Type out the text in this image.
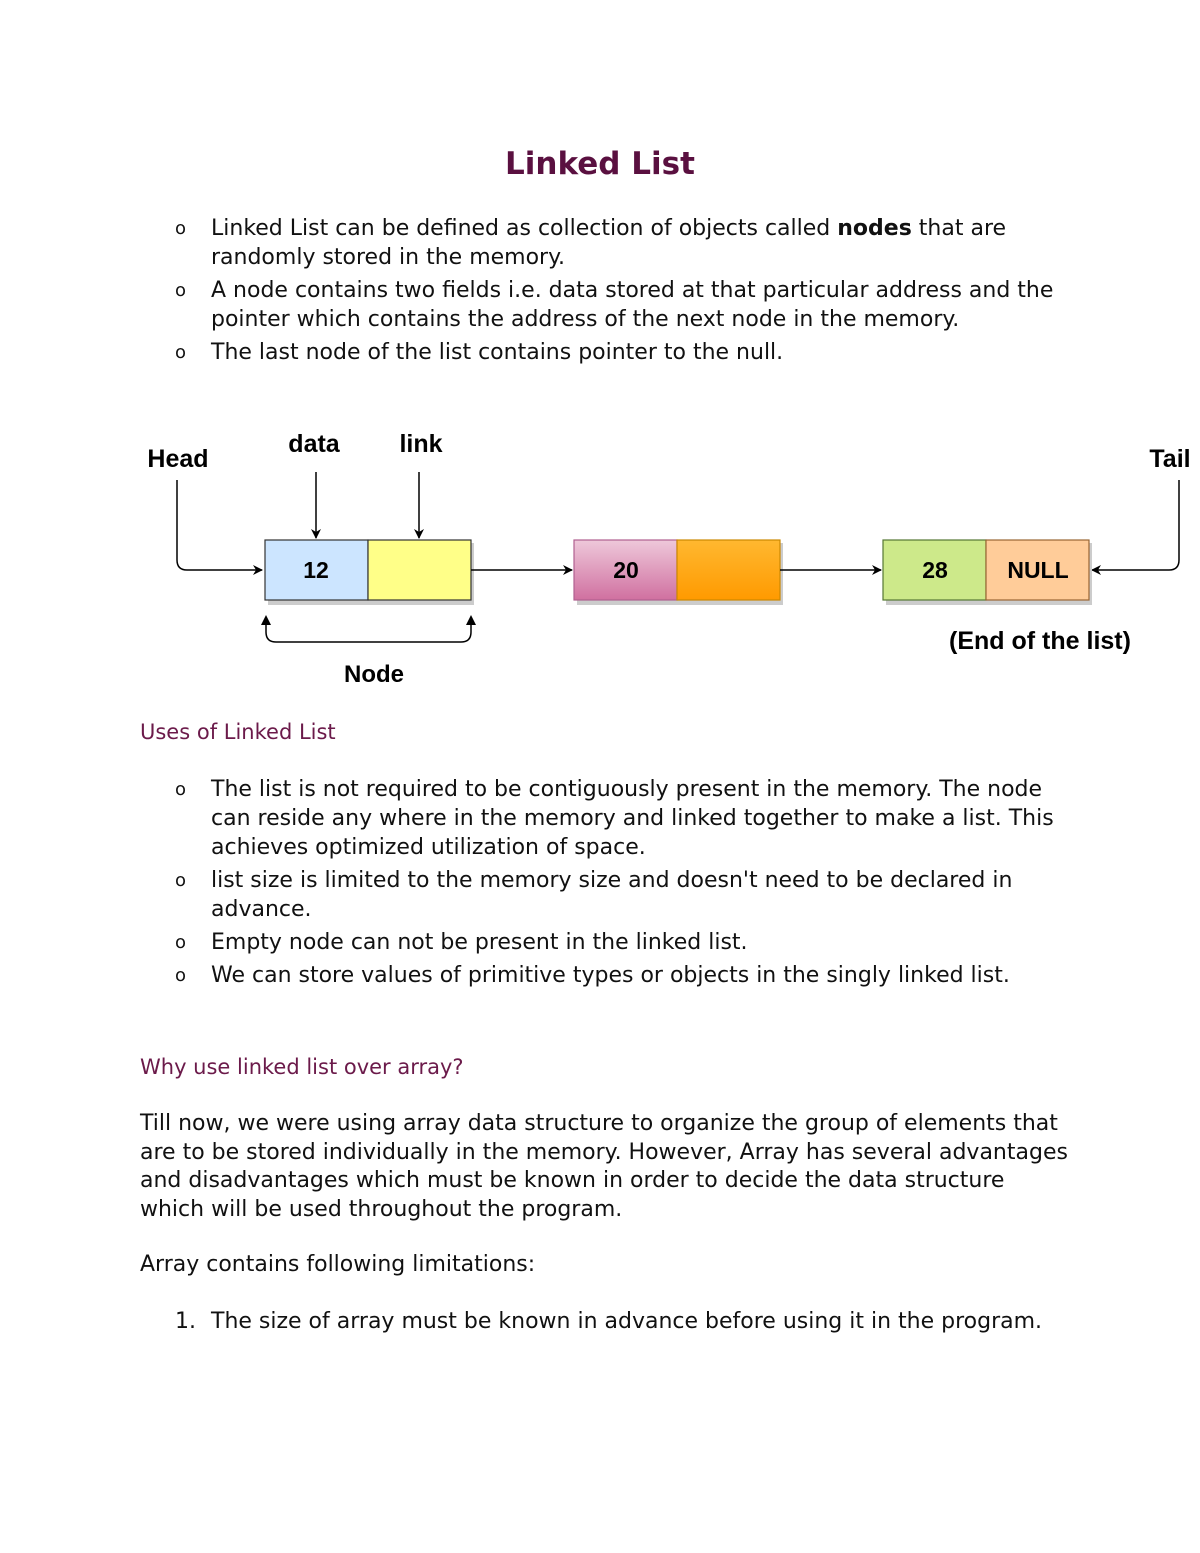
Linked List
o Linked List can be defined as collection of objects called nodes that are randomly stored in the memory.
o A node contains two fields i.e. data stored at that particular address and the pointer which contains the address of the next node in the memory.
o The last node of the list contains pointer to the null.
Head	Tail
data link
12	20	28	NULL
Node
(End of the list)
Uses of Linked List
o The list is not required to be contiguously present in the memory. The node can reside any where in the memory and linked together to make a list. This achieves optimized utilization of space.
o list size is limited to the memory size and doesn't need to be declared in advance.
o Empty node can not be present in the linked list.
o We can store values of primitive types or objects in the singly linked list.
Why use linked list over array?

Till now, we were using array data structure to organize the group of elements that are to be stored individually in the memory. However, Array has several advantages and disadvantages which must be known in order to decide the data structure which will be used throughout the program.

Array contains following limitations:

1. The size of array must be known in advance before using it in the program.
